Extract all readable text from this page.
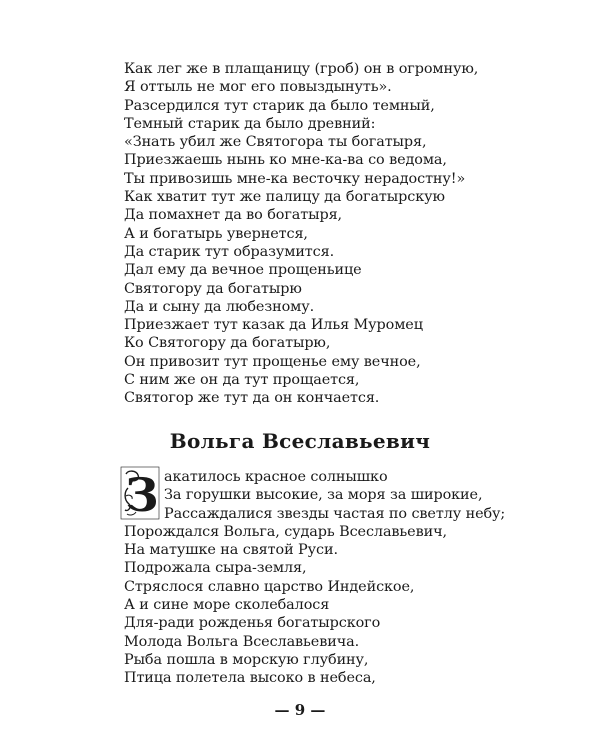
Как лег же в плащаницу (гроб) он в огромную,
Я оттыль не мог его повыздынуть».
Разсердился тут старик да было темный,
Темный старик да было древний:
«Знать убил же Святогора ты богатыря,
Приезжаешь нынь ко мне-ка-ва со ведома,
Ты привозишь мне-ка весточку нерадостну!»
Как хватит тут же палицу да богатырскую
Да помахнет да во богатыря,
А и богатырь увернется,
Да старик тут образумится.
Дал ему да вечное прощеньице
Святогору да богатырю
Да и сыну да любезному.
Приезжает тут казак да Илья Муромец
Ко Святогору да богатырю,
Он привозит тут прощенье ему вечное,
С ним же он да тут прощается,
Святогор же тут да он кончается.
Вольга Всеславьевич
З акатилось красное солнышко
За горушки высокие, за моря за широкие,
Рассаждалися звезды частая по светлу небу;
Порождался Вольга, сударь Всеславьевич,
На матушке на святой Руси.
Подрожала сыра-земля,
Стряслося славно царство Индейское,
А и сине море сколебалося
Для-ради рожденья богатырского
Молода Вольга Всеславьевича.
Рыба пошла в морскую глубину,
Птица полетела высоко в небеса,
— 9 —
